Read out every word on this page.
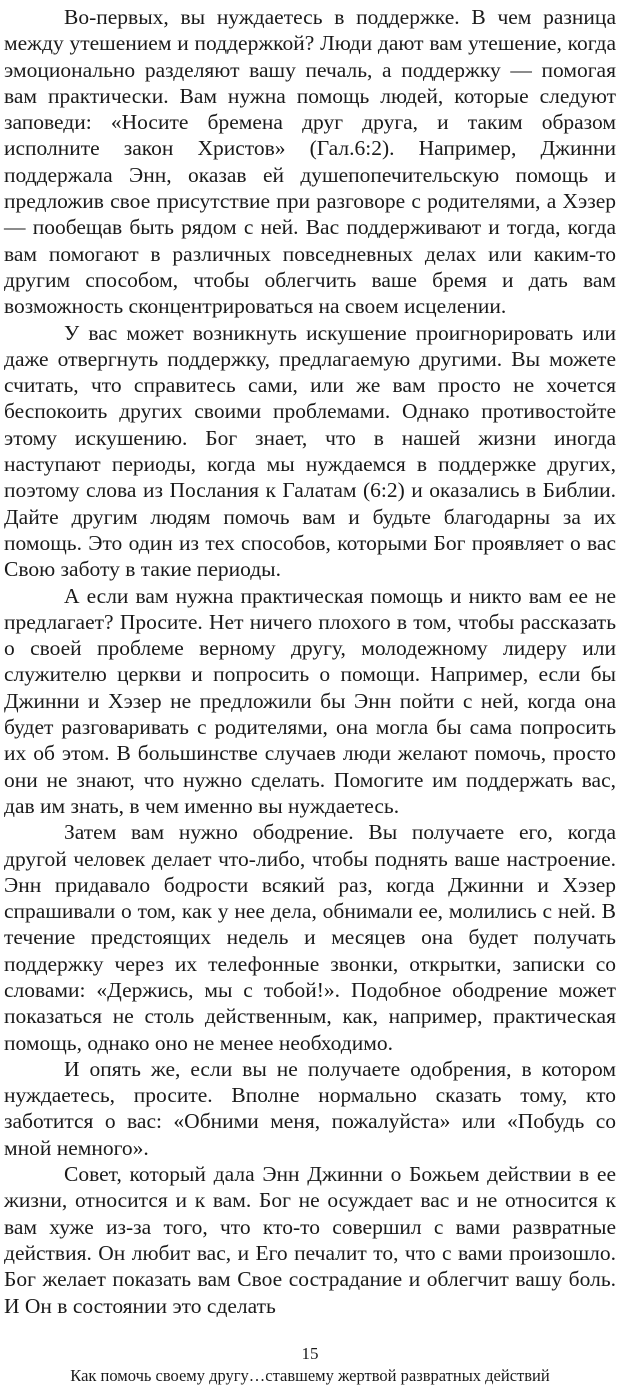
Во-первых, вы нуждаетесь в поддержке. В чем разница между утешением и поддержкой? Люди дают вам утешение, когда эмоционально разделяют вашу печаль, а поддержку — помогая вам практически. Вам нужна помощь людей, которые следуют заповеди: «Носите бремена друг друга, и таким образом исполните закон Христов» (Гал.6:2). Например, Джинни поддержала Энн, оказав ей душепопечительскую помощь и предложив свое присутствие при разговоре с родителями, а Хэзер — пообещав быть рядом с ней. Вас поддерживают и тогда, когда вам помогают в различных повседневных делах или каким-то другим способом, чтобы облегчить ваше бремя и дать вам возможность сконцентрироваться на своем исцелении.

У вас может возникнуть искушение проигнорировать или даже отвергнуть поддержку, предлагаемую другими. Вы можете считать, что справитесь сами, или же вам просто не хочется беспокоить других своими проблемами. Однако противостойте этому искушению. Бог знает, что в нашей жизни иногда наступают периоды, когда мы нуждаемся в поддержке других, поэтому слова из Послания к Галатам (6:2) и оказались в Библии. Дайте другим людям помочь вам и будьте благодарны за их помощь. Это один из тех способов, которыми Бог проявляет о вас Свою заботу в такие периоды.

А если вам нужна практическая помощь и никто вам ее не предлагает? Просите. Нет ничего плохого в том, чтобы рассказать о своей проблеме верному другу, молодежному лидеру или служителю церкви и попросить о помощи. Например, если бы Джинни и Хэзер не предложили бы Энн пойти с ней, когда она будет разговаривать с родителями, она могла бы сама попросить их об этом. В большинстве случаев люди желают помочь, просто они не знают, что нужно сделать. Помогите им поддержать вас, дав им знать, в чем именно вы нуждаетесь.

Затем вам нужно ободрение. Вы получаете его, когда другой человек делает что-либо, чтобы поднять ваше настроение. Энн придавало бодрости всякий раз, когда Джинни и Хэзер спрашивали о том, как у нее дела, обнимали ее, молились с ней. В течение предстоящих недель и месяцев она будет получать поддержку через их телефонные звонки, открытки, записки со словами: «Держись, мы с тобой!». Подобное ободрение может показаться не столь действенным, как, например, практическая помощь, однако оно не менее необходимо.

И опять же, если вы не получаете одобрения, в котором нуждаетесь, просите. Вполне нормально сказать тому, кто заботится о вас: «Обними меня, пожалуйста» или «Побудь со мной немного».

Совет, который дала Энн Джинни о Божьем действии в ее жизни, относится и к вам. Бог не осуждает вас и не относится к вам хуже из-за того, что кто-то совершил с вами развратные действия. Он любит вас, и Его печалит то, что с вами произошло. Бог желает показать вам Свое сострадание и облегчит вашу боль. И Он в состоянии это сделать

15
Как помочь своему другу…ставшему жертвой развратных действий
